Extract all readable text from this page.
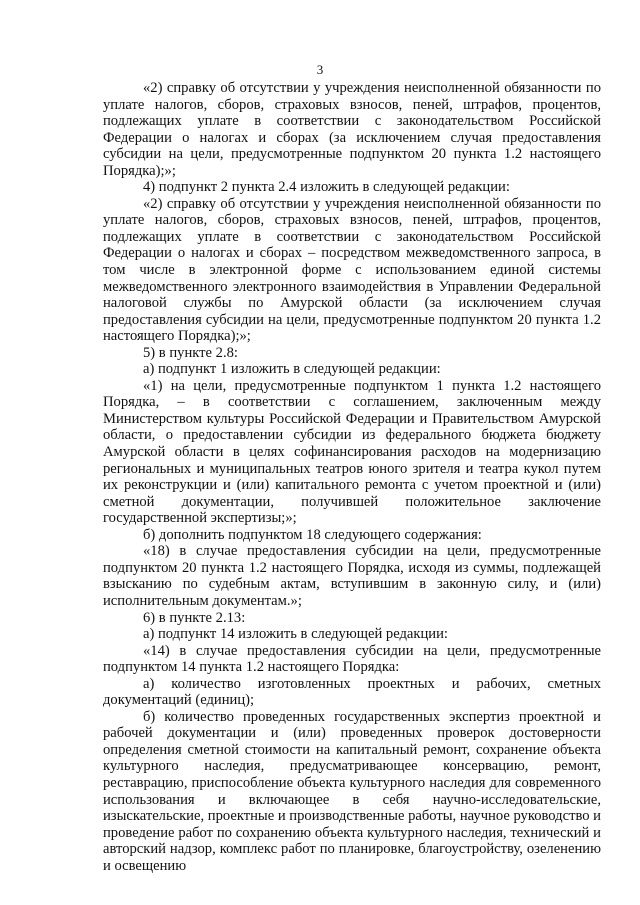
3

«2) справку об отсутствии у учреждения неисполненной обязанности по уплате налогов, сборов, страховых взносов, пеней, штрафов, процентов, подлежащих уплате в соответствии с законодательством Российской Федерации о налогах и сборах (за исключением случая предоставления субсидии на цели, предусмотренные подпунктом 20 пункта 1.2 настоящего Порядка);»;

4) подпункт 2 пункта 2.4 изложить в следующей редакции:

«2) справку об отсутствии у учреждения неисполненной обязанности по уплате налогов, сборов, страховых взносов, пеней, штрафов, процентов, подлежащих уплате в соответствии с законодательством Российской Федерации о налогах и сборах – посредством межведомственного запроса, в том числе в электронной форме с использованием единой системы межведомственного электронного взаимодействия в Управлении Федеральной налоговой службы по Амурской области (за исключением случая предоставления субсидии на цели, предусмотренные подпунктом 20 пункта 1.2 настоящего Порядка);»;

5) в пункте 2.8:

а) подпункт 1 изложить в следующей редакции:

«1) на цели, предусмотренные подпунктом 1 пункта 1.2 настоящего Порядка, – в соответствии с соглашением, заключенным между Министерством культуры Российской Федерации и Правительством Амурской области, о предоставлении субсидии из федерального бюджета бюджету Амурской области в целях софинансирования расходов на модернизацию региональных и муниципальных театров юного зрителя и театра кукол путем их реконструкции и (или) капитального ремонта с учетом проектной и (или) сметной документации, получившей положительное заключение государственной экспертизы;»;

б) дополнить подпунктом 18 следующего содержания:

«18) в случае предоставления субсидии на цели, предусмотренные подпунктом 20 пункта 1.2 настоящего Порядка, исходя из суммы, подлежащей взысканию по судебным актам, вступившим в законную силу, и (или) исполнительным документам.»;

6) в пункте 2.13:

а) подпункт 14 изложить в следующей редакции:

«14) в случае предоставления субсидии на цели, предусмотренные подпунктом 14 пункта 1.2 настоящего Порядка:

а) количество изготовленных проектных и рабочих, сметных документаций (единиц);

б) количество проведенных государственных экспертиз проектной и рабочей документации и (или) проведенных проверок достоверности определения сметной стоимости на капитальный ремонт, сохранение объекта культурного наследия, предусматривающее консервацию, ремонт, реставрацию, приспособление объекта культурного наследия для современного использования и включающее в себя научно-исследовательские, изыскательские, проектные и производственные работы, научное руководство и проведение работ по сохранению объекта культурного наследия, технический и авторский надзор, комплекс работ по планировке, благоустройству, озеленению и освещению
